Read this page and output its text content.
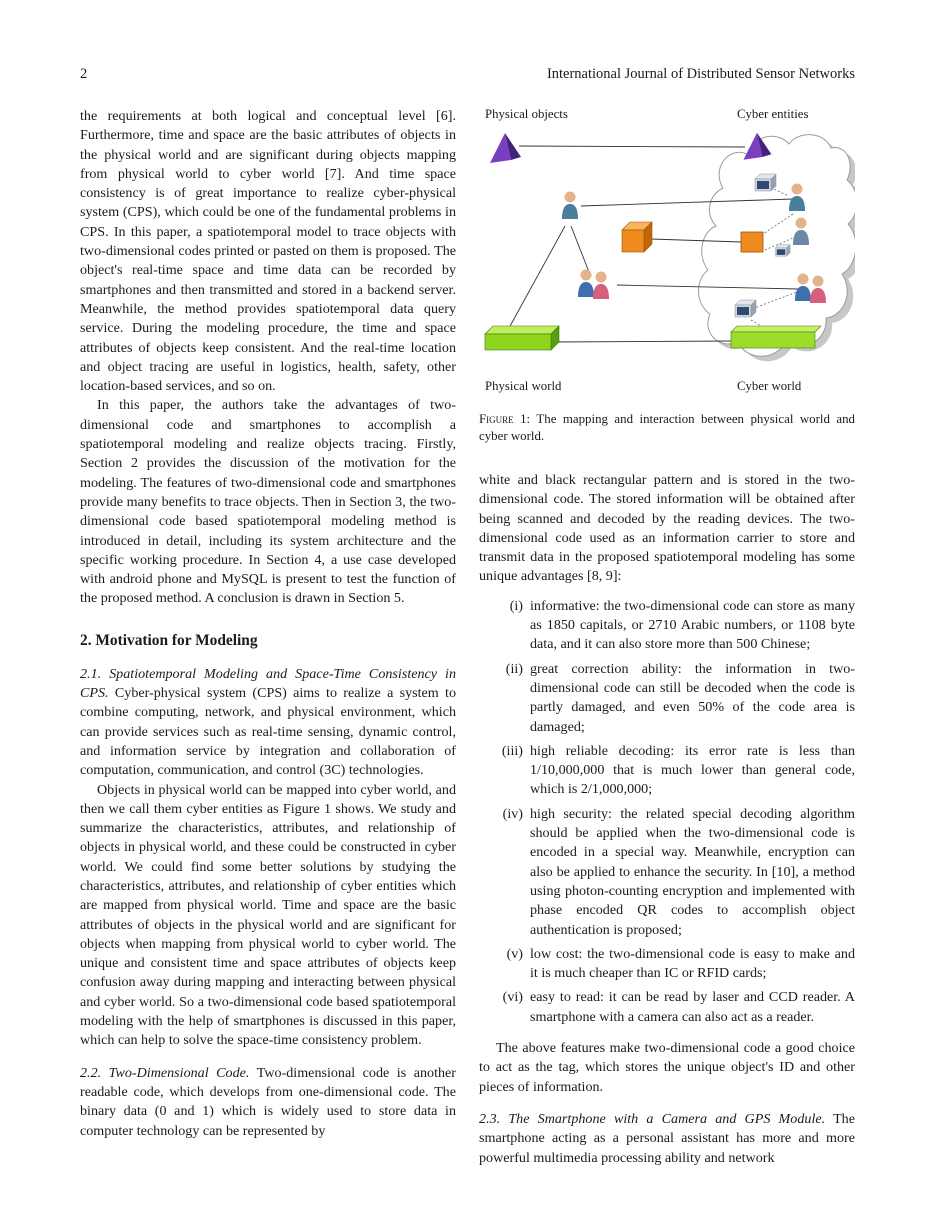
2	International Journal of Distributed Sensor Networks

the requirements at both logical and conceptual level [6]. Furthermore, time and space are the basic attributes of objects in the physical world and are significant during objects mapping from physical world to cyber world [7]. And time space consistency is of great importance to realize cyber-physical system (CPS), which could be one of the fundamental problems in CPS. In this paper, a spatiotemporal model to trace objects with two-dimensional codes printed or pasted on them is proposed. The object's real-time space and time data can be recorded by smartphones and then transmitted and stored in a backend server. Meanwhile, the method provides spatiotemporal data query service. During the modeling procedure, the time and space attributes of objects keep consistent. And the real-time location and object tracing are useful in logistics, health, safety, other location-based services, and so on.

In this paper, the authors take the advantages of two-dimensional code and smartphones to accomplish a spatiotemporal modeling and realize objects tracing. Firstly, Section 2 provides the discussion of the motivation for the modeling. The features of two-dimensional code and smartphones provide many benefits to trace objects. Then in Section 3, the two-dimensional code based spatiotemporal modeling method is introduced in detail, including its system architecture and the specific working procedure. In Section 4, a use case developed with android phone and MySQL is present to test the function of the proposed method. A conclusion is drawn in Section 5.

2. Motivation for Modeling

2.1. Spatiotemporal Modeling and Space-Time Consistency in CPS. Cyber-physical system (CPS) aims to realize a system to combine computing, network, and physical environment, which can provide services such as real-time sensing, dynamic control, and information service by integration and collaboration of computation, communication, and control (3C) technologies.

Objects in physical world can be mapped into cyber world, and then we call them cyber entities as Figure 1 shows. We study and summarize the characteristics, attributes, and relationship of objects in physical world, and these could be constructed in cyber world. We could find some better solutions by studying the characteristics, attributes, and relationship of cyber entities which are mapped from physical world. Time and space are the basic attributes of objects in the physical world and are significant for objects when mapping from physical world to cyber world. The unique and consistent time and space attributes of objects keep confusion away during mapping and interacting between physical and cyber world. So a two-dimensional code based spatiotemporal modeling with the help of smartphones is discussed in this paper, which can help to solve the space-time consistency problem.

2.2. Two-Dimensional Code. Two-dimensional code is another readable code, which develops from one-dimensional code. The binary data (0 and 1) which is widely used to store data in computer technology can be represented by

Physical objects	Cyber entities
Physical world	Cyber world
Figure 1: The mapping and interaction between physical world and cyber world.

white and black rectangular pattern and is stored in the two-dimensional code. The stored information will be obtained after being scanned and decoded by the reading devices. The two-dimensional code used as an information carrier to store and transmit data in the proposed spatiotemporal modeling has some unique advantages [8, 9]:

(i) informative: the two-dimensional code can store as many as 1850 capitals, or 2710 Arabic numbers, or 1108 byte data, and it can also store more than 500 Chinese;
(ii) great correction ability: the information in two-dimensional code can still be decoded when the code is partly damaged, and even 50% of the code area is damaged;
(iii) high reliable decoding: its error rate is less than 1/10,000,000 that is much lower than general code, which is 2/1,000,000;
(iv) high security: the related special decoding algorithm should be applied when the two-dimensional code is encoded in a special way. Meanwhile, encryption can also be applied to enhance the security. In [10], a method using photon-counting encryption and implemented with phase encoded QR codes to accomplish object authentication is proposed;
(v) low cost: the two-dimensional code is easy to make and it is much cheaper than IC or RFID cards;
(vi) easy to read: it can be read by laser and CCD reader. A smartphone with a camera can also act as a reader.

The above features make two-dimensional code a good choice to act as the tag, which stores the unique object's ID and other pieces of information.

2.3. The Smartphone with a Camera and GPS Module. The smartphone acting as a personal assistant has more and more powerful multimedia processing ability and network
